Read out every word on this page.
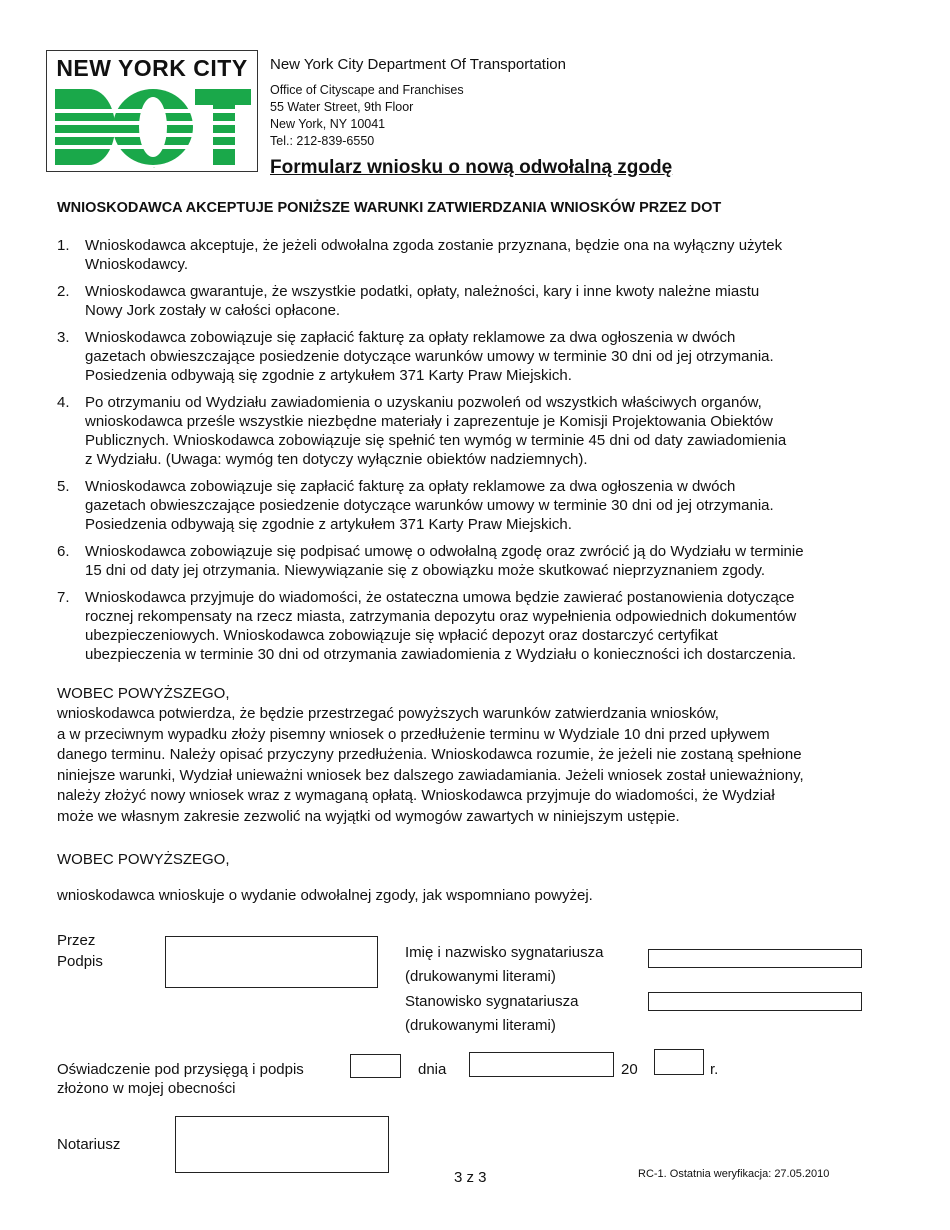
NEW YORK CITY
DOT
New York City Department Of Transportation
Office of Cityscape and Franchises
55 Water Street, 9th Floor
New York, NY 10041
Tel.: 212-839-6550
Formularz wniosku o nową odwołalną zgodę
WNIOSKODAWCA AKCEPTUJE PONIŻSZE WARUNKI ZATWIERDZANIA WNIOSKÓW PRZEZ DOT
1. Wnioskodawca akceptuje, że jeżeli odwołalna zgoda zostanie przyznana, będzie ona na wyłączny użytek
Wnioskodawcy.
2. Wnioskodawca gwarantuje, że wszystkie podatki, opłaty, należności, kary i inne kwoty należne miastu
Nowy Jork zostały w całości opłacone.
3. Wnioskodawca zobowiązuje się zapłacić fakturę za opłaty reklamowe za dwa ogłoszenia w dwóch
gazetach obwieszczające posiedzenie dotyczące warunków umowy w terminie 30 dni od jej otrzymania.
Posiedzenia odbywają się zgodnie z artykułem 371 Karty Praw Miejskich.
4. Po otrzymaniu od Wydziału zawiadomienia o uzyskaniu pozwoleń od wszystkich właściwych organów,
wnioskodawca prześle wszystkie niezbędne materiały i zaprezentuje je Komisji Projektowania Obiektów
Publicznych. Wnioskodawca zobowiązuje się spełnić ten wymóg w terminie 45 dni od daty zawiadomienia
z Wydziału. (Uwaga: wymóg ten dotyczy wyłącznie obiektów nadziemnych).
5. Wnioskodawca zobowiązuje się zapłacić fakturę za opłaty reklamowe za dwa ogłoszenia w dwóch
gazetach obwieszczające posiedzenie dotyczące warunków umowy w terminie 30 dni od jej otrzymania.
Posiedzenia odbywają się zgodnie z artykułem 371 Karty Praw Miejskich.
6. Wnioskodawca zobowiązuje się podpisać umowę o odwołalną zgodę oraz zwrócić ją do Wydziału w terminie
15 dni od daty jej otrzymania. Niewywiązanie się z obowiązku może skutkować nieprzyznaniem zgody.
7. Wnioskodawca przyjmuje do wiadomości, że ostateczna umowa będzie zawierać postanowienia dotyczące
rocznej rekompensaty na rzecz miasta, zatrzymania depozytu oraz wypełnienia odpowiednich dokumentów
ubezpieczeniowych. Wnioskodawca zobowiązuje się wpłacić depozyt oraz dostarczyć certyfikat
ubezpieczenia w terminie 30 dni od otrzymania zawiadomienia z Wydziału o konieczności ich dostarczenia.
WOBEC POWYŻSZEGO,
wnioskodawca potwierdza, że będzie przestrzegać powyższych warunków zatwierdzania wniosków,
a w przeciwnym wypadku złoży pisemny wniosek o przedłużenie terminu w Wydziale 10 dni przed upływem
danego terminu. Należy opisać przyczyny przedłużenia. Wnioskodawca rozumie, że jeżeli nie zostaną spełnione
niniejsze warunki, Wydział unieważni wniosek bez dalszego zawiadamiania. Jeżeli wniosek został unieważniony,
należy złożyć nowy wniosek wraz z wymaganą opłatą. Wnioskodawca przyjmuje do wiadomości, że Wydział
może we własnym zakresie zezwolić na wyjątki od wymogów zawartych w niniejszym ustępie.
WOBEC POWYŻSZEGO,
wnioskodawca wnioskuje o wydanie odwołalnej zgody, jak wspomniano powyżej.
Przez
Podpis
Imię i nazwisko sygnatariusza
(drukowanymi literami)
Stanowisko sygnatariusza
(drukowanymi literami)
Oświadczenie pod przysięgą i podpis
złożono w mojej obecności
dnia	20	r.
Notariusz
3 z 3	RC-1. Ostatnia weryfikacja: 27.05.2010
